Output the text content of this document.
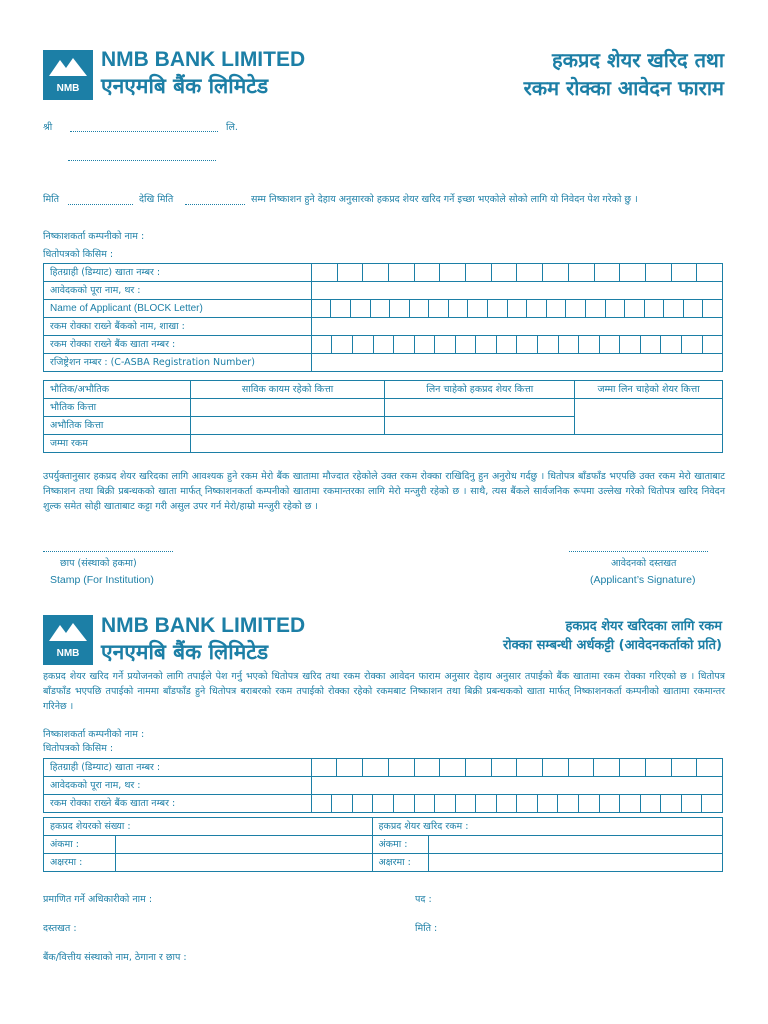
NMB
NMB BANK LIMITED
एनएमबि बैंक लिमिटेड
हकप्रद शेयर खरिद तथा
रकम रोक्का आवेदन फाराम
श्री	लि.
मिति	देखि मिति	सम्म निष्काशन हुने देहाय अनुसारको हकप्रद शेयर खरिद गर्ने इच्छा भएकोले सोको लागि यो निवेदन पेश गरेको छु ।
निष्काशकर्ता कम्पनीको नाम :
धितोपत्रको किसिम :
हितग्राही (डिम्याट) खाता नम्बर :	

आवेदकको पूरा नाम, थर :	
Name of Applicant (BLOCK Letter)	

रकम रोक्का राख्ने बैंकको नाम, शाखा :	
रकम रोक्का राख्ने बैंक खाता नम्बर :	

रजिष्ट्रेशन नम्बर : (C-ASBA Registration Number)	
भौतिक/अभौतिक	साविक कायम रहेको कित्ता	लिन चाहेको हकप्रद शेयर कित्ता	जम्मा लिन चाहेको शेयर कित्ता
भौतिक कित्ता			
अभौतिक कित्ता			
जम्मा रकम			
उपर्युक्तानुसार हकप्रद शेयर खरिदका लागि आवश्यक हुने रकम मेरो बैंक खातामा मौज्दात रहेकोले उक्त रकम रोक्का राखिदिनु हुन अनुरोध गर्दछु । धितोपत्र बाँडफाँड भएपछि उक्त रकम मेरो खाताबाट निष्काशन तथा बिक्री प्रबन्धकको खाता मार्फत् निष्काशनकर्ता कम्पनीको खातामा रकमान्तरका लागि मेरो मन्जुरी रहेको छ । साथै, त्यस बैंकले सार्वजनिक रूपमा उल्लेख गरेको धितोपत्र खरिद निवेदन शुल्क समेत सोही खाताबाट कट्टा गरी असुल उपर गर्न मेरो/हाम्रो मन्जुरी रहेको छ ।
छाप (संस्थाको हकमा)
Stamp (For Institution)
आवेदनको दस्तखत
(Applicant’s Signature)
NMB
NMB BANK LIMITED
एनएमबि बैंक लिमिटेड
हकप्रद शेयर खरिदका लागि रकम
रोक्का सम्बन्धी अर्धकट्टी (आवेदनकर्ताको प्रति)
हकप्रद शेयर खरिद गर्ने प्रयोजनको लागि तपाईले पेश गर्नु भएको धितोपत्र खरिद तथा रकम रोक्का आवेदन फाराम अनुसार देहाय अनुसार तपाईको बैंक खातामा रकम रोक्का गरिएको छ । धितोपत्र बाँडफाँड भएपछि तपाईको नाममा बाँडफाँड हुने धितोपत्र बराबरको रकम तपाईको रोक्का रहेको रकमबाट निष्काशन तथा बिक्री प्रबन्धकको खाता मार्फत् निष्काशनकर्ता कम्पनीको खातामा रकमान्तर गरिनेछ ।
निष्काशकर्ता कम्पनीको नाम :
धितोपत्रको किसिम :
हितग्राही (डिम्याट) खाता नम्बर :	

आवेदकको पूरा नाम, थर :	
रकम रोक्का राख्ने बैंक खाता नम्बर :	
हकप्रद शेयरको संख्या :		हकप्रद शेयर खरिद रकम :	
अंकमा :		अंकमा :	
अक्षरमा :		अक्षरमा :	
प्रमाणित गर्ने अधिकारीको नाम :	पद :
दस्तखत :	मिति :
बैंक/वित्तीय संस्थाको नाम, ठेगाना र छाप :
